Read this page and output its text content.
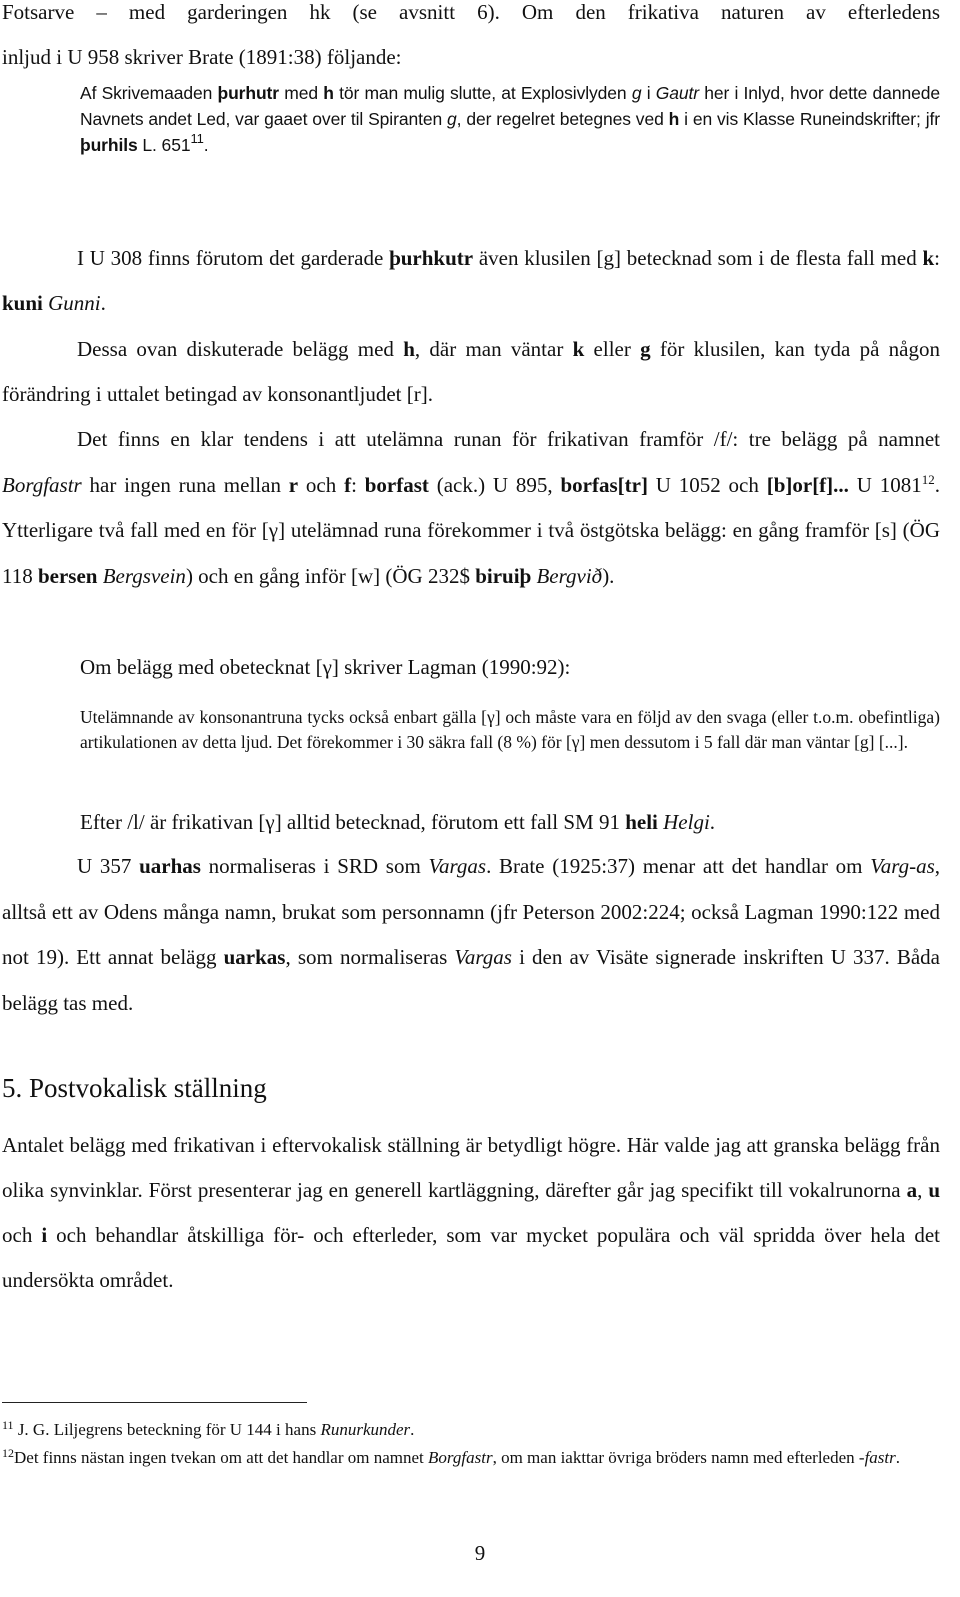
Fotsarve – med garderingen hk (se avsnitt 6). Om den frikativa naturen av efterledens
inljud i U 958 skriver Brate (1891:38) följande:

Af Skrivemaaden þurhutr med h tör man mulig slutte, at Explosivlyden g i Gautr her i Inlyd, hvor dette dannede Navnets andet Led, var gaaet over til Spiranten g, der regelret betegnes ved h i en vis Klasse Runeindskrifter; jfr þurhils L. $651^{11}$.

I U 308 finns förutom det garderade þurhkutr även klusilen [g] betecknad som i de flesta fall med k: kuni Gunni.

Dessa ovan diskuterade belägg med h, där man väntar k eller g för klusilen, kan tyda på någon förändring i uttalet betingad av konsonantljudet [r].

Det finns en klar tendens i att utelämna runan för frikativan framför /f/: tre belägg på namnet Borgfastr har ingen runa mellan r och f: borfast (ack.) U 895, borfas[tr] U 1052 och [b]or[f]... U 1081$^{12}$. Ytterligare två fall med en för [γ] utelämnad runa förekommer i två östgötska belägg: en gång framför [s] (ÖG 118 bersen Bergsvein) och en gång inför [w] (ÖG 232$ biruiþ Bergvið).

Om belägg med obetecknat [γ] skriver Lagman (1990:92):

Utelämnande av konsonantruna tycks också enbart gälla [γ] och måste vara en följd av den svaga (eller t.o.m. obefintliga) artikulationen av detta ljud. Det förekommer i 30 säkra fall (8 %) för [γ] men dessutom i 5 fall där man väntar [g] [...].

Efter /l/ är frikativan [γ] alltid betecknad, förutom ett fall SM 91 heli Helgi.

U 357 uarhas normaliseras i SRD som Vargas. Brate (1925:37) menar att det handlar om Varg-as, alltså ett av Odens många namn, brukat som personnamn (jfr Peterson 2002:224; också Lagman 1990:122 med not 19). Ett annat belägg uarkas, som normaliseras Vargas i den av Visäte signerade inskriften U 337. Båda belägg tas med.

5. Postvokalisk ställning

Antalet belägg med frikativan i eftervokalisk ställning är betydligt högre. Här valde jag att granska belägg från olika synvinklar. Först presenterar jag en generell kartläggning, därefter går jag specifikt till vokalrunorna a, u och i och behandlar åtskilliga för- och efterleder, som var mycket populära och väl spridda över hela det undersökta området.

$^{11}$ J. G. Liljegrens beteckning för U 144 i hans Runurkunder.

$^{12}$Det finns nästan ingen tvekan om att det handlar om namnet Borgfastr, om man iakttar övriga bröders namn med efterleden -fastr.

9
